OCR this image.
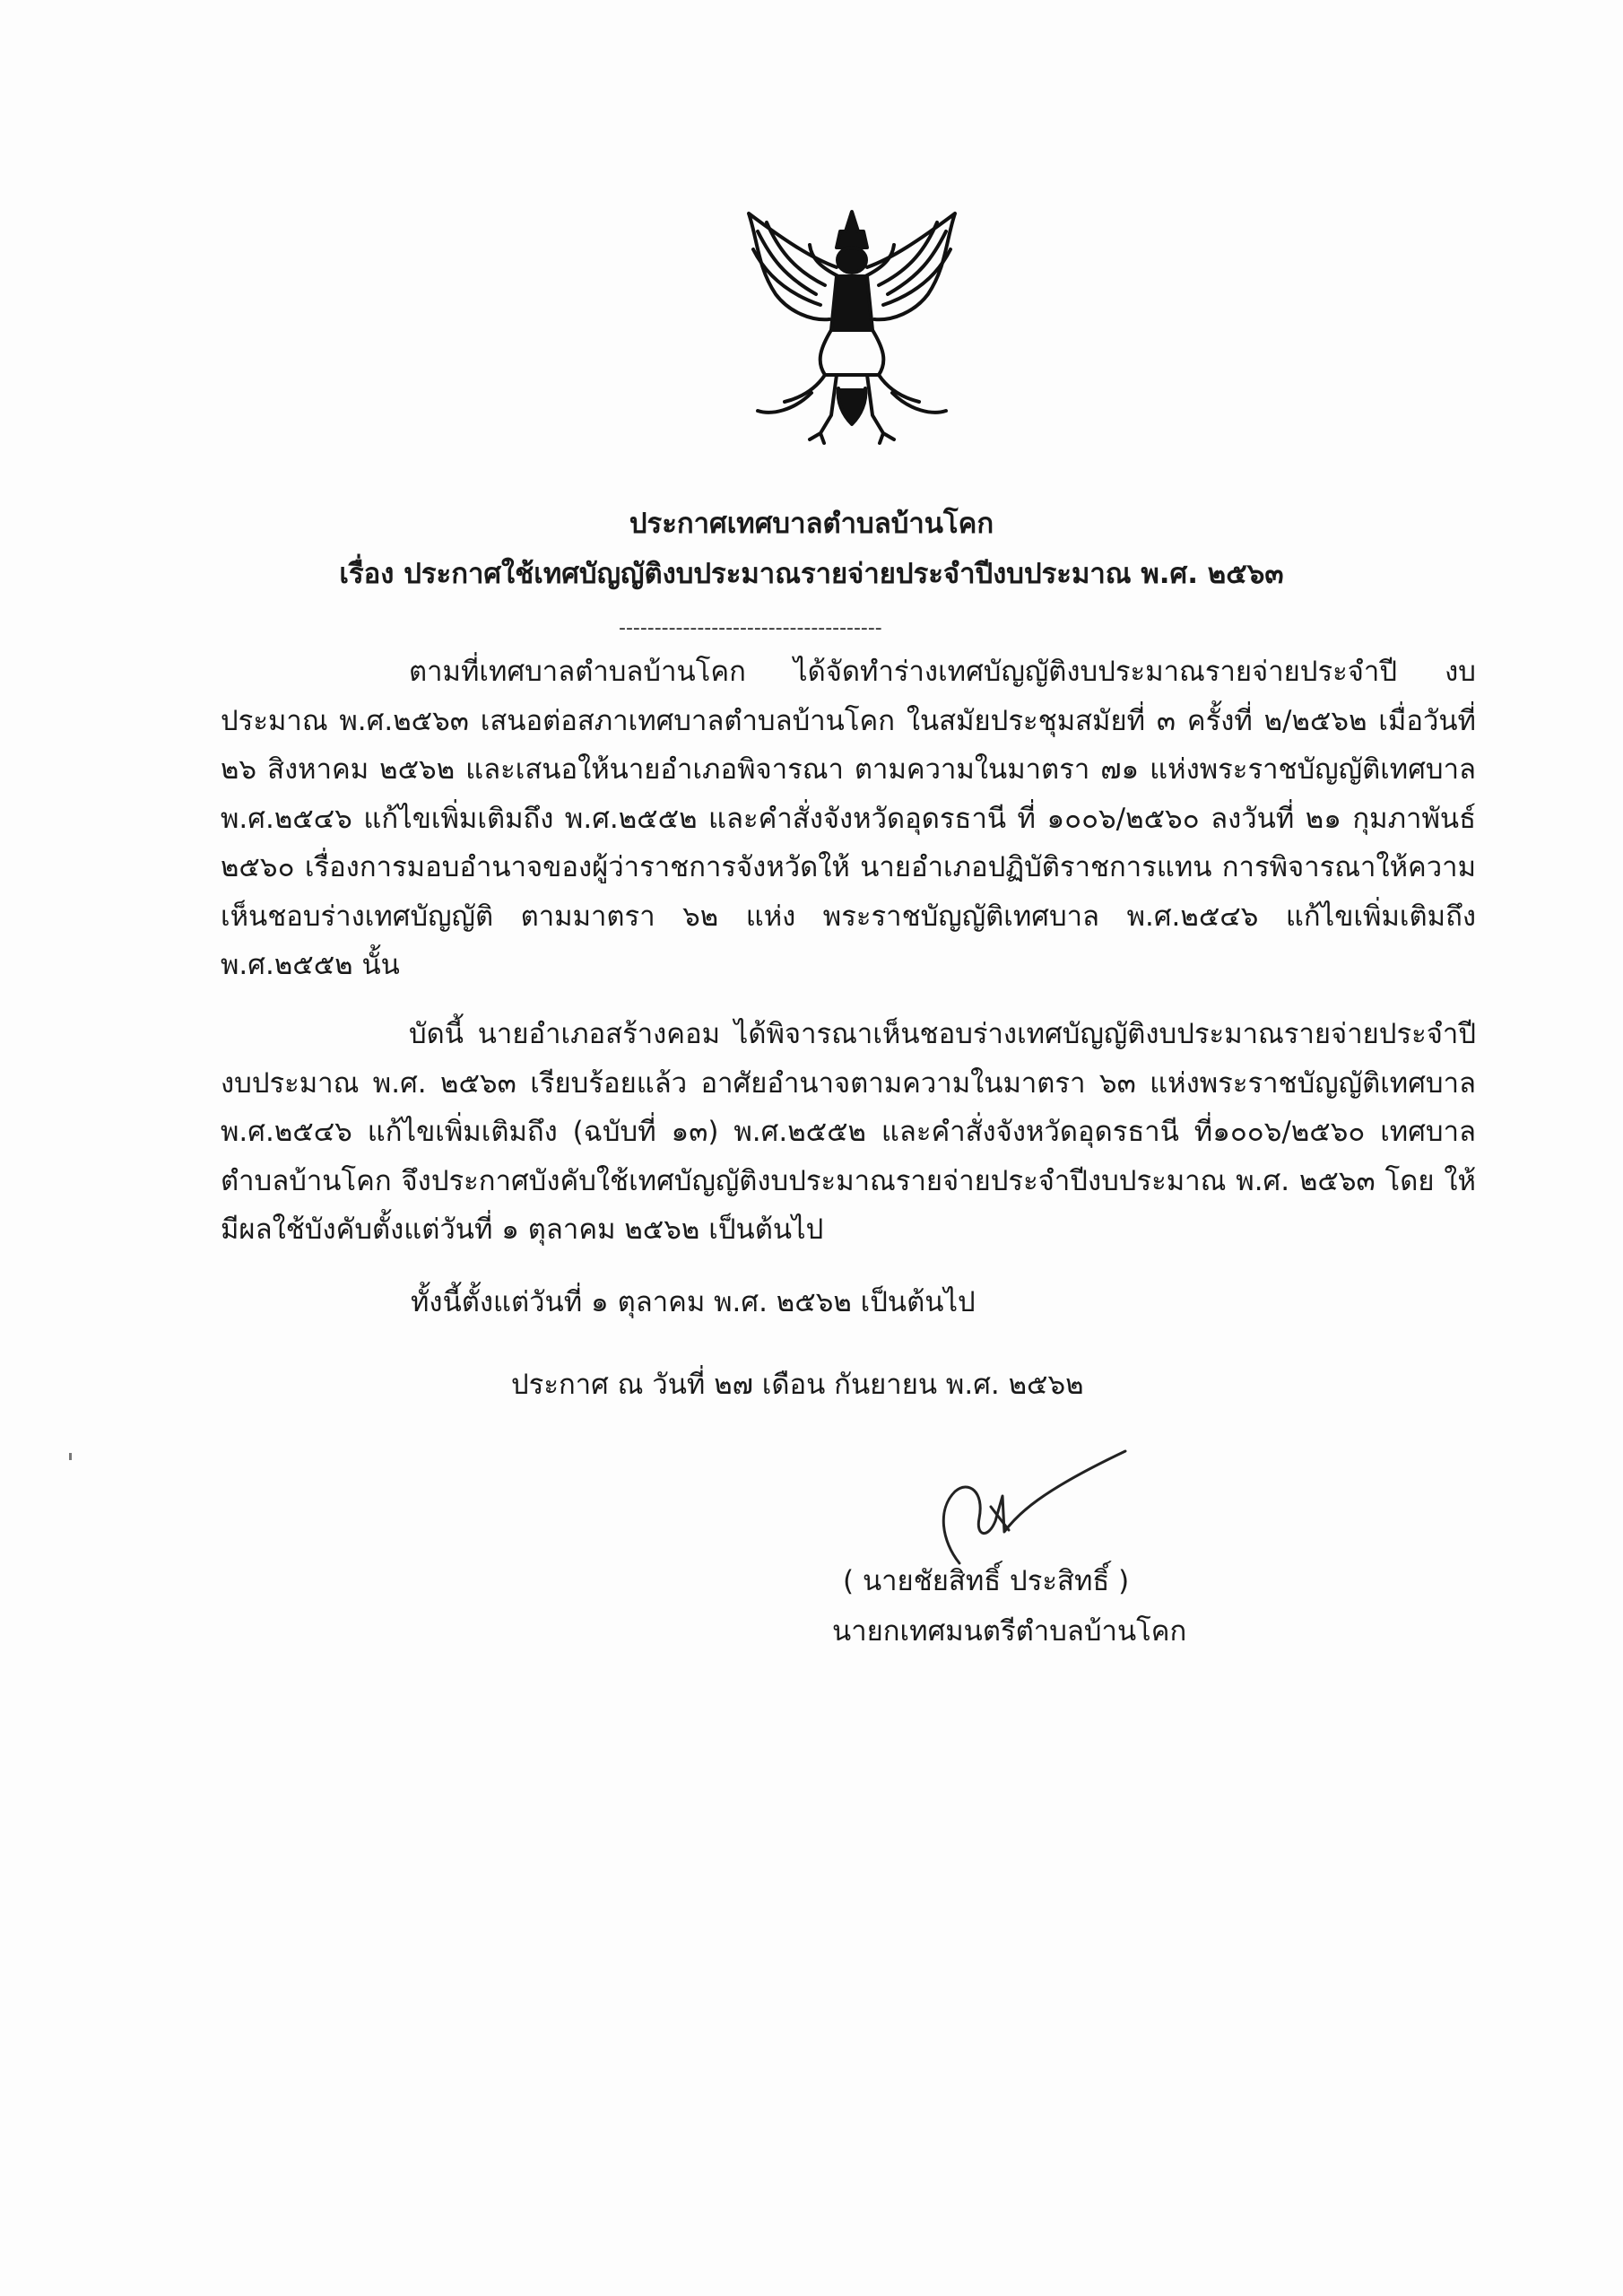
ประกาศเทศบาลตำบลบ้านโคก
เรื่อง ประกาศใช้เทศบัญญัติงบประมาณรายจ่ายประจำปีงบประมาณ พ.ศ. ๒๕๖๓
-------------------------------------
ตามที่เทศบาลตำบลบ้านโคก ได้จัดทำร่างเทศบัญญัติงบประมาณรายจ่ายประจำปี งบประมาณ พ.ศ.๒๕๖๓ เสนอต่อสภาเทศบาลตำบลบ้านโคก ในสมัยประชุมสมัยที่ ๓ ครั้งที่ ๒/๒๕๖๒ เมื่อวันที่ ๒๖ สิงหาคม ๒๕๖๒ และเสนอให้นายอำเภอพิจารณา ตามความในมาตรา ๗๑ แห่งพระราชบัญญัติเทศบาล พ.ศ.๒๕๔๖ แก้ไขเพิ่มเติมถึง พ.ศ.๒๕๕๒ และคำสั่งจังหวัดอุดรธานี ที่ ๑๐๐๖/๒๕๖๐ ลงวันที่ ๒๑ กุมภาพันธ์ ๒๕๖๐ เรื่องการมอบอำนาจของผู้ว่าราชการจังหวัดให้ นายอำเภอปฏิบัติราชการแทน การพิจารณาให้ความเห็นชอบร่างเทศบัญญัติ ตามมาตรา ๖๒ แห่ง พระราชบัญญัติเทศบาล พ.ศ.๒๕๔๖ แก้ไขเพิ่มเติมถึง พ.ศ.๒๕๕๒ นั้น
บัดนี้ นายอำเภอสร้างคอม ได้พิจารณาเห็นชอบร่างเทศบัญญัติงบประมาณรายจ่ายประจำปี งบประมาณ พ.ศ. ๒๕๖๓ เรียบร้อยแล้ว อาศัยอำนาจตามความในมาตรา ๖๓ แห่งพระราชบัญญัติเทศบาล พ.ศ.๒๕๔๖ แก้ไขเพิ่มเติมถึง (ฉบับที่ ๑๓) พ.ศ.๒๕๕๒ และคำสั่งจังหวัดอุดรธานี ที่๑๐๐๖/๒๕๖๐ เทศบาล ตำบลบ้านโคก จึงประกาศบังคับใช้เทศบัญญัติงบประมาณรายจ่ายประจำปีงบประมาณ พ.ศ. ๒๕๖๓ โดย ให้มีผลใช้บังคับตั้งแต่วันที่ ๑ ตุลาคม ๒๕๖๒ เป็นต้นไป
ทั้งนี้ตั้งแต่วันที่ ๑ ตุลาคม พ.ศ. ๒๕๖๒ เป็นต้นไป
ประกาศ ณ วันที่ ๒๗ เดือน กันยายน พ.ศ. ๒๕๖๒
( นายชัยสิทธิ์ ประสิทธิ์ )
นายกเทศมนตรีตำบลบ้านโคก
